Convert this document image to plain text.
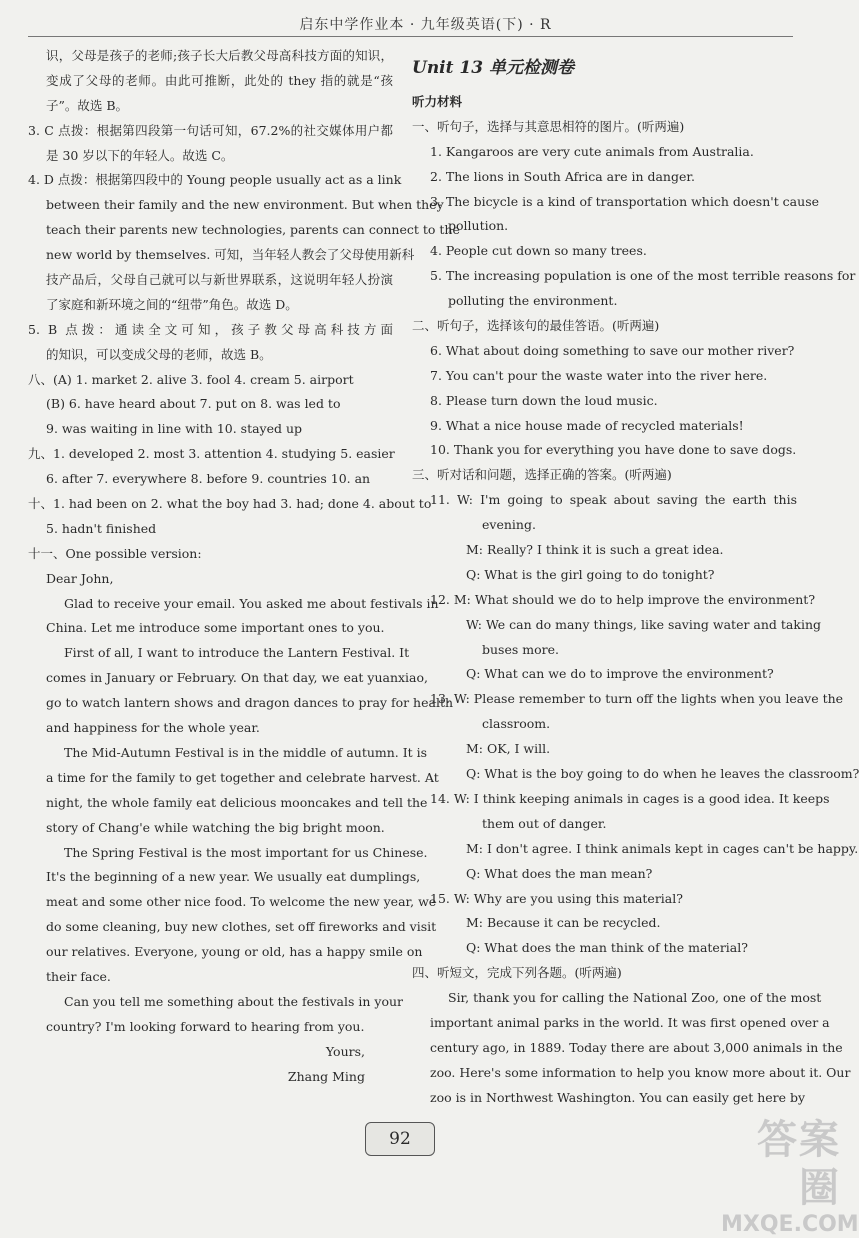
启东中学作业本 · 九年级英语(下) · R
识，父母是孩子的老师;孩子长大后教父母高科技方面的知识，
变成了父母的老师。由此可推断，此处的 they 指的就是“孩
子”。故选 B。
3. C 点拨：根据第四段第一句话可知，67.2%的社交媒体用户都
是 30 岁以下的年轻人。故选 C。
4. D 点拨：根据第四段中的 Young people usually act as a link
between their family and the new environment. But when they
teach their parents new technologies, parents can connect to the
new world by themselves. 可知，当年轻人教会了父母使用新科
技产品后，父母自己就可以与新世界联系，这说明年轻人扮演
了家庭和新环境之间的“纽带”角色。故选 D。
5. B 点拨：通读全文可知，孩子教父母高科技方面
的知识，可以变成父母的老师，故选 B。
八、(A) 1. market 2. alive 3. fool 4. cream 5. airport
(B) 6. have heard about 7. put on 8. was led to
9. was waiting in line with 10. stayed up
九、1. developed 2. most 3. attention 4. studying 5. easier
6. after 7. everywhere 8. before 9. countries 10. an
十、1. had been on 2. what the boy had 3. had; done 4. about to
5. hadn't finished
十一、One possible version:
Dear John,
Glad to receive your email. You asked me about festivals in
China. Let me introduce some important ones to you.
First of all, I want to introduce the Lantern Festival. It
comes in January or February. On that day, we eat yuanxiao,
go to watch lantern shows and dragon dances to pray for health
and happiness for the whole year.
The Mid-Autumn Festival is in the middle of autumn. It is
a time for the family to get together and celebrate harvest. At
night, the whole family eat delicious mooncakes and tell the
story of Chang'e while watching the big bright moon.
The Spring Festival is the most important for us Chinese.
It's the beginning of a new year. We usually eat dumplings,
meat and some other nice food. To welcome the new year, we
do some cleaning, buy new clothes, set off fireworks and visit
our relatives. Everyone, young or old, has a happy smile on
their face.
Can you tell me something about the festivals in your
country? I'm looking forward to hearing from you.
Yours,
Zhang Ming
Unit 13 单元检测卷
听力材料
一、听句子，选择与其意思相符的图片。(听两遍)
1. Kangaroos are very cute animals from Australia.
2. The lions in South Africa are in danger.
3. The bicycle is a kind of transportation which doesn't cause
pollution.
4. People cut down so many trees.
5. The increasing population is one of the most terrible reasons for
polluting the environment.
二、听句子，选择该句的最佳答语。(听两遍)
6. What about doing something to save our mother river?
7. You can't pour the waste water into the river here.
8. Please turn down the loud music.
9. What a nice house made of recycled materials!
10. Thank you for everything you have done to save dogs.
三、听对话和问题，选择正确的答案。(听两遍)
11. W: I'm going to speak about saving the earth this
evening.
M: Really? I think it is such a great idea.
Q: What is the girl going to do tonight?
12. M: What should we do to help improve the environment?
W: We can do many things, like saving water and taking
buses more.
Q: What can we do to improve the environment?
13. W: Please remember to turn off the lights when you leave the
classroom.
M: OK, I will.
Q: What is the boy going to do when he leaves the classroom?
14. W: I think keeping animals in cages is a good idea. It keeps
them out of danger.
M: I don't agree. I think animals kept in cages can't be happy.
Q: What does the man mean?
15. W: Why are you using this material?
M: Because it can be recycled.
Q: What does the man think of the material?
四、听短文，完成下列各题。(听两遍)
Sir, thank you for calling the National Zoo, one of the most
important animal parks in the world. It was first opened over a
century ago, in 1889. Today there are about 3,000 animals in the
zoo. Here's some information to help you know more about it. Our
zoo is in Northwest Washington. You can easily get here by
92	答案圈
MXQE.COM
